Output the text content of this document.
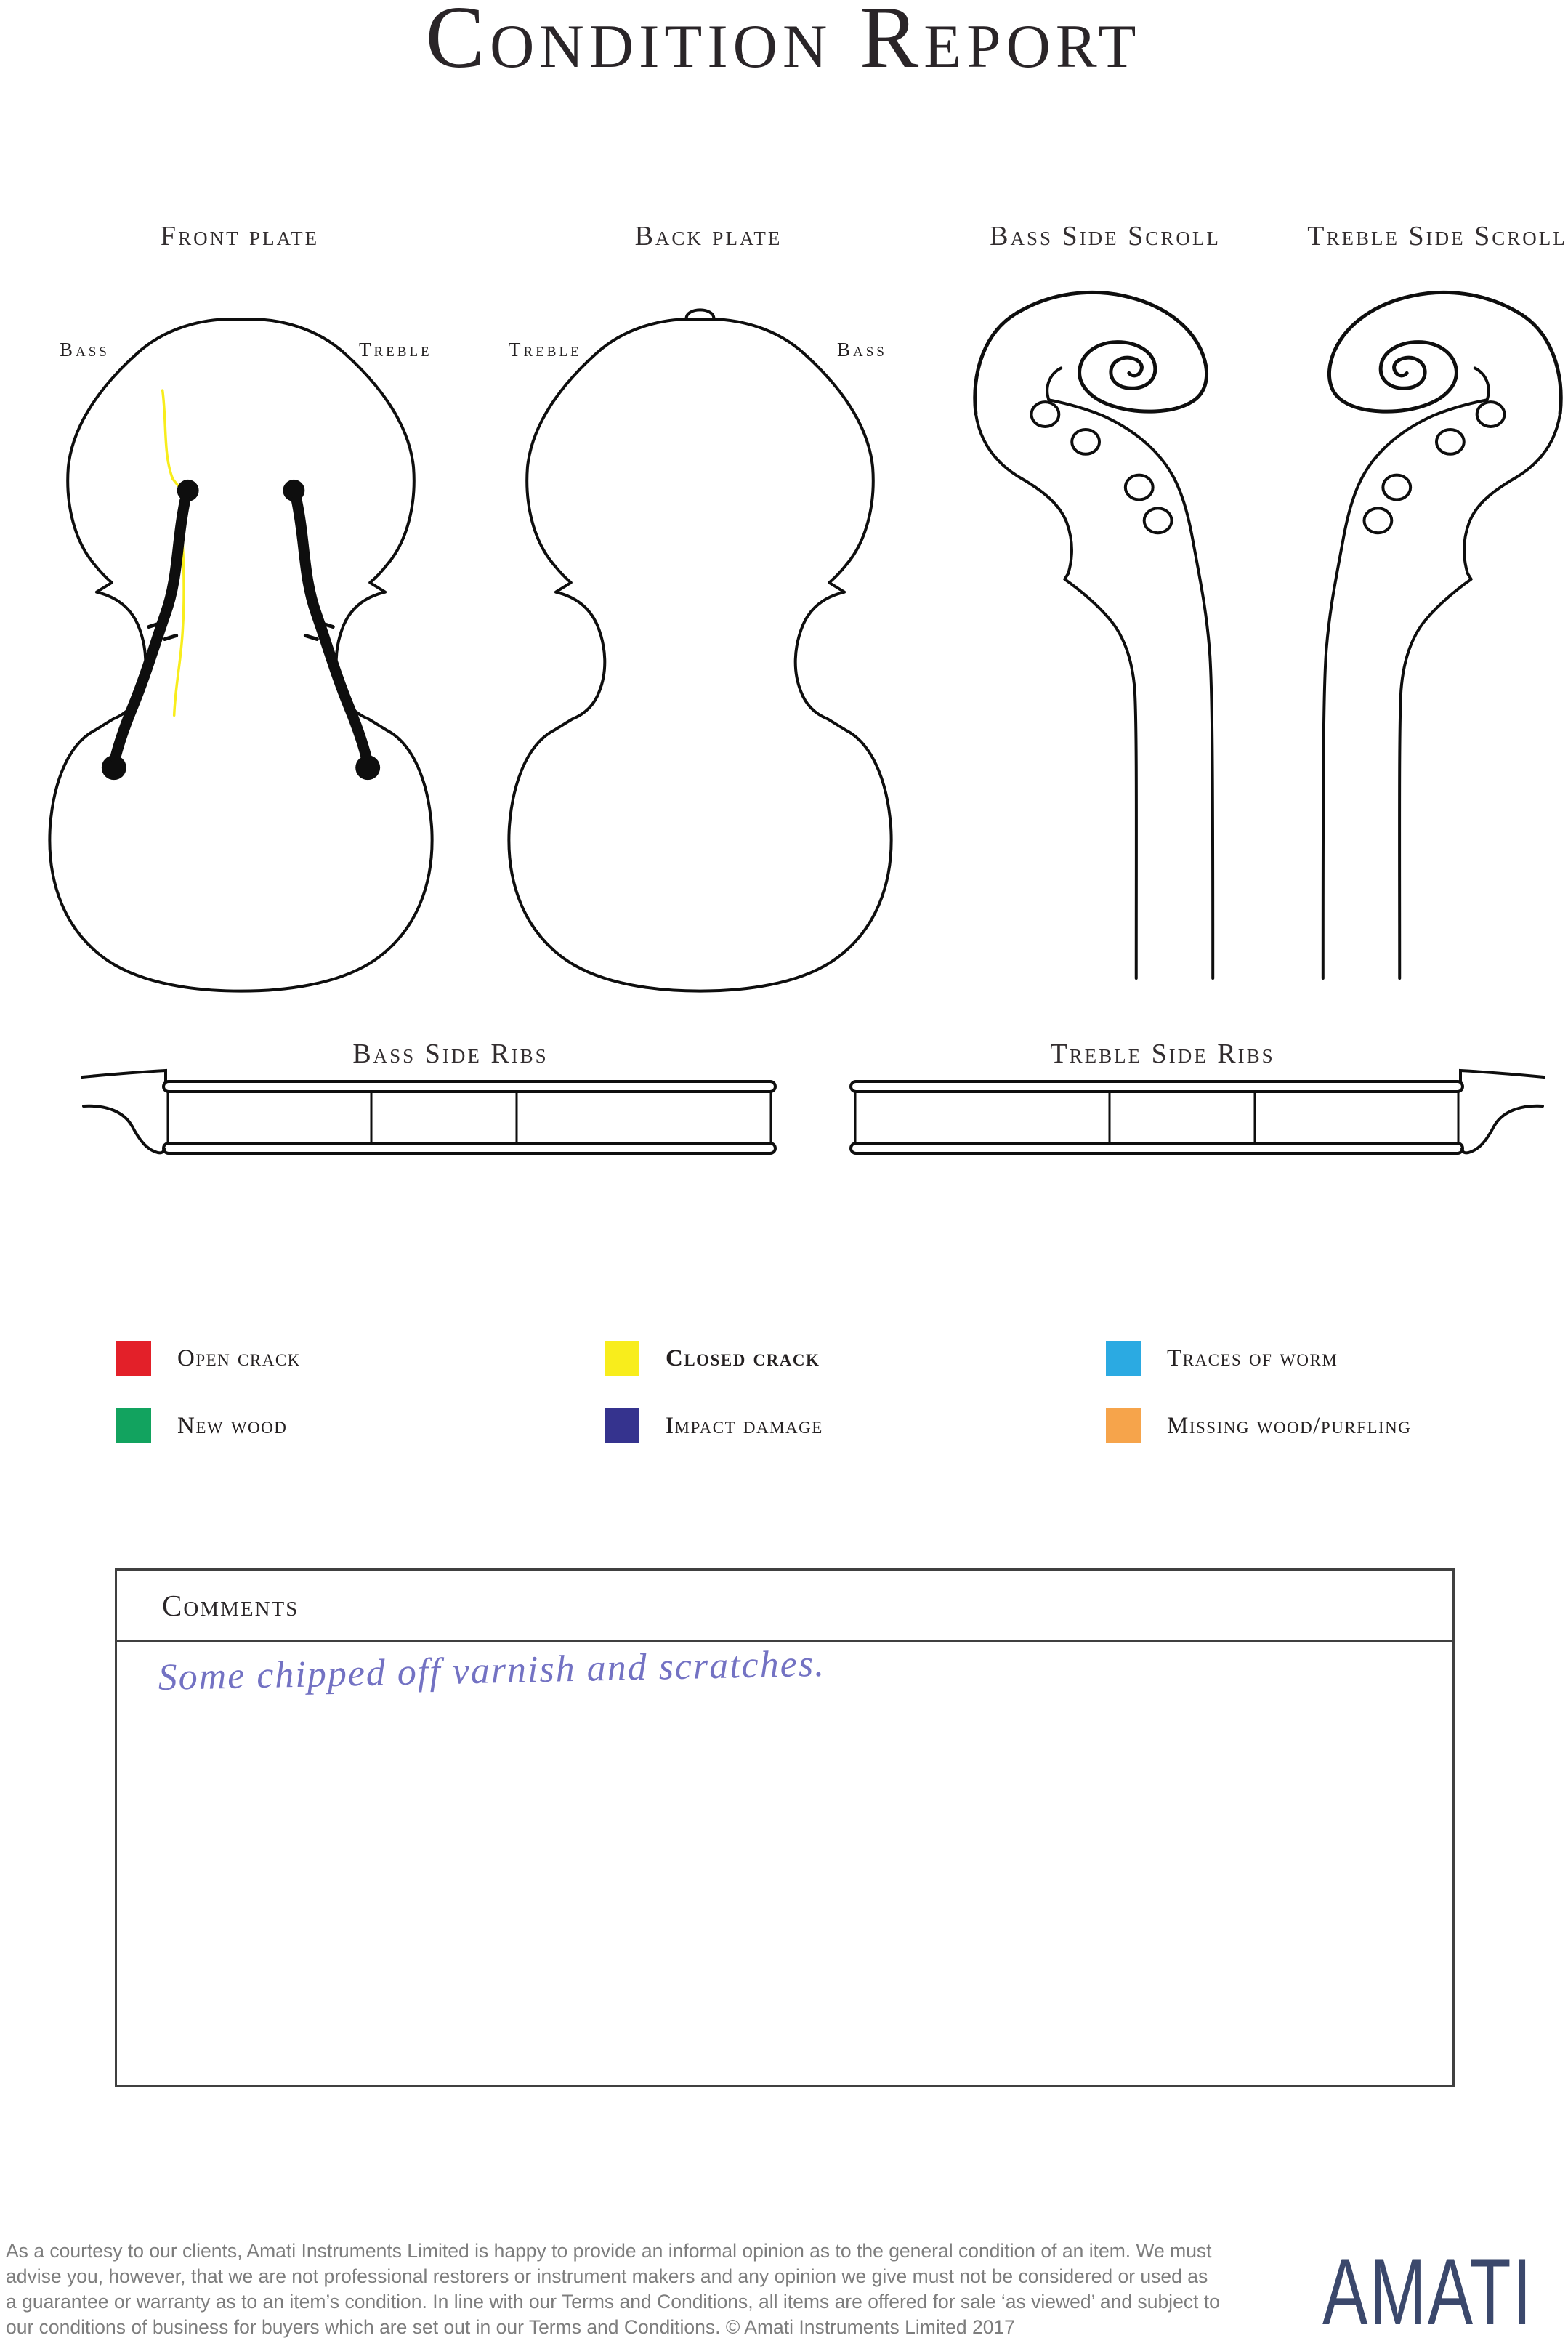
Condition Report
Front plate	Back plate	Bass Side Scroll	Treble Side Scroll
Bass	Treble	Treble	Bass
Bass Side Ribs	Treble Side Ribs
Open crack	Closed crack	Traces of worm
New wood	Impact damage	Missing wood/purfling
Comments
Some chipped off varnish and scratches.
As a courtesy to our clients, Amati Instruments Limited is happy to provide an informal opinion as to the general condition of an item. We must
advise you, however, that we are not professional restorers or instrument makers and any opinion we give must not be considered or used as
a guarantee or warranty as to an item’s condition. In line with our Terms and Conditions, all items are offered for sale ‘as viewed’ and subject to
our conditions of business for buyers which are set out in our Terms and Conditions. © Amati Instruments Limited 2017	AMATI
